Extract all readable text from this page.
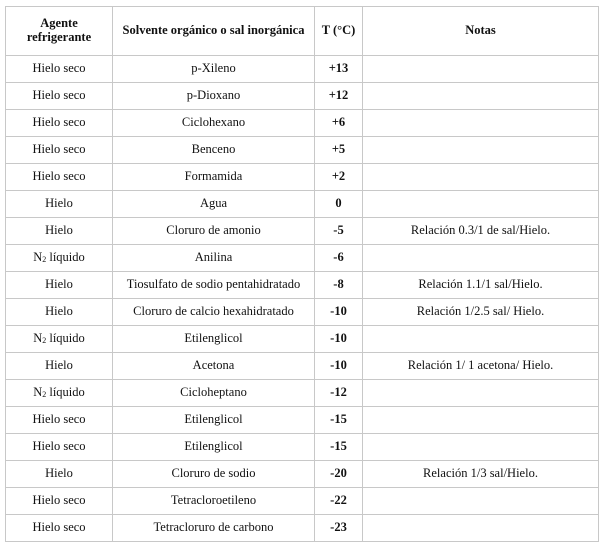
Agente refrigerante	Solvente orgánico o sal inorgánica	T (°C)	Notas
Hielo seco	p-Xileno	+13	
Hielo seco	p-Dioxano	+12	
Hielo seco	Ciclohexano	+6	
Hielo seco	Benceno	+5	
Hielo seco	Formamida	+2	
Hielo	Agua	0	
Hielo	Cloruro de amonio	-5	Relación 0.3/1 de sal/Hielo.
$N_2$ líquido	Anilina	-6	
Hielo	Tiosulfato de sodio pentahidratado	-8	Relación 1.1/1 sal/Hielo.
Hielo	Cloruro de calcio hexahidratado	-10	Relación 1/2.5 sal/ Hielo.
$N_2$ líquido	Etilenglicol	-10	
Hielo	Acetona	-10	Relación 1/ 1 acetona/ Hielo.
$N_2$ líquido	Cicloheptano	-12	
Hielo seco	Etilenglicol	-15	
Hielo seco	Etilenglicol	-15	
Hielo	Cloruro de sodio	-20	Relación 1/3 sal/Hielo.
Hielo seco	Tetracloroetileno	-22	
Hielo seco	Tetracloruro de carbono	-23	
